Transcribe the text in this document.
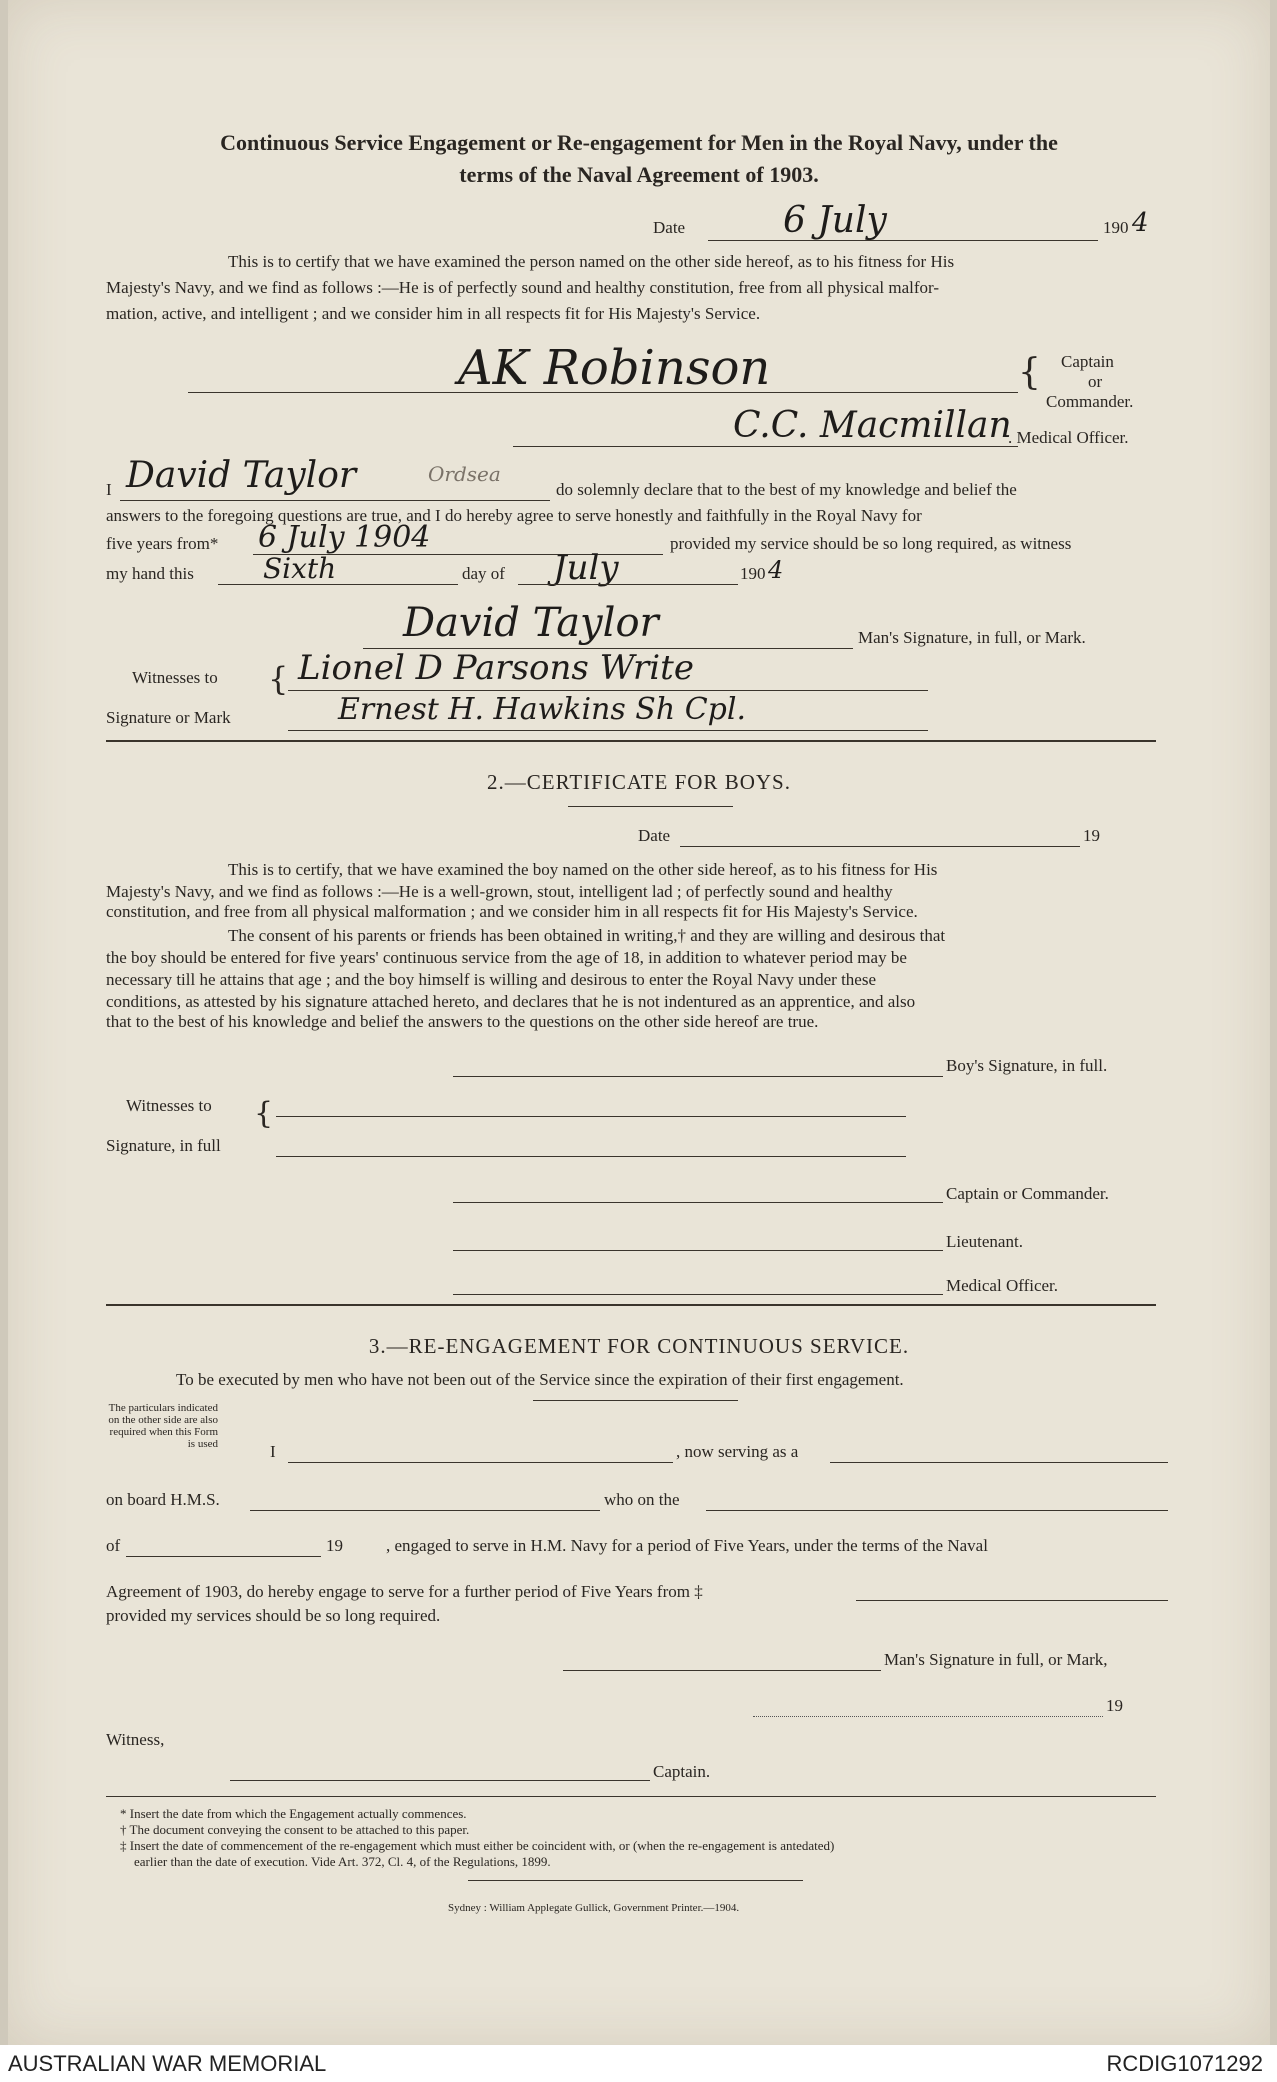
Continuous Service Engagement or Re-engagement for Men in the Royal Navy, under the
terms of the Naval Agreement of 1903.
Date	6 July	190 4
This is to certify that we have examined the person named on the other side hereof, as to his fitness for His
Majesty's Navy, and we find as follows :—He is of perfectly sound and healthy constitution, free from all physical malfor-
mation, active, and intelligent ; and we consider him in all respects fit for His Majesty's Service.
AK Robinson	{ Captain
or
Commander.
C.C. Macmillan
. Medical Officer.
I David Taylor	Ordsea
do solemnly declare that to the best of my knowledge and belief the
answers to the foregoing questions are true, and I do hereby agree to serve honestly and faithfully in the Royal Navy for
five years from* 6 July 1904	provided my service should be so long required, as witness
my hand this Sixth	day of July	190 4
David Taylor	Man's Signature, in full, or Mark.
Witnesses to { Lionel D Parsons Write
Signature or Mark	Ernest H. Hawkins Sh Cpl.
2.—CERTIFICATE FOR BOYS.
Date	19
This is to certify, that we have examined the boy named on the other side hereof, as to his fitness for His
Majesty's Navy, and we find as follows :—He is a well-grown, stout, intelligent lad ; of perfectly sound and healthy
constitution, and free from all physical malformation ; and we consider him in all respects fit for His Majesty's Service.
The consent of his parents or friends has been obtained in writing,† and they are willing and desirous that
the boy should be entered for five years' continuous service from the age of 18, in addition to whatever period may be
necessary till he attains that age ; and the boy himself is willing and desirous to enter the Royal Navy under these
conditions, as attested by his signature attached hereto, and declares that he is not indentured as an apprentice, and also
that to the best of his knowledge and belief the answers to the questions on the other side hereof are true.
Boy's Signature, in full.
Witnesses to {
Signature, in full
Captain or Commander.
Lieutenant.
Medical Officer.
3.—RE-ENGAGEMENT FOR CONTINUOUS SERVICE.
To be executed by men who have not been out of the Service since the expiration of their first engagement.
The particulars indicated on the other side are also required when this Form is used	I	, now serving as a
on board H.M.S.	who on the
of	19	, engaged to serve in H.M. Navy for a period of Five Years, under the terms of the Naval
Agreement of 1903, do hereby engage to serve for a further period of Five Years from ‡
provided my services should be so long required.
Man's Signature in full, or Mark,
19
Witness,
Captain.
* Insert the date from which the Engagement actually commences.
† The document conveying the consent to be attached to this paper.
‡ Insert the date of commencement of the re-engagement which must either be coincident with, or (when the re-engagement is antedated)
earlier than the date of execution. Vide Art. 372, Cl. 4, of the Regulations, 1899.
Sydney : William Applegate Gullick, Government Printer.—1904.
AUSTRALIAN WAR MEMORIAL	RCDIG1071292
